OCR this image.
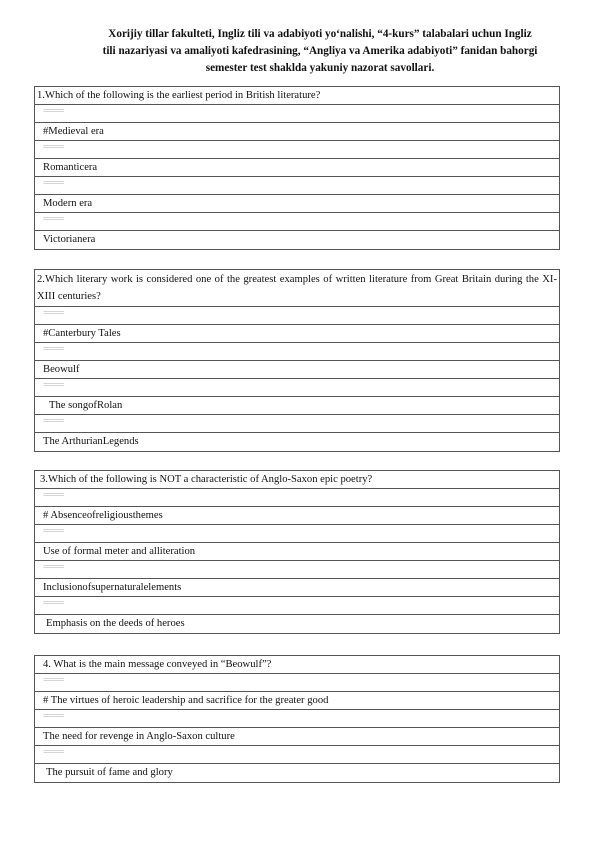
Xorijiy tillar fakulteti, Ingliz tili va adabiyoti yo‘nalishi, “4-kurs” talabalari uchun Ingliz
tili nazariyasi va amaliyoti kafedrasining, “Angliya va Amerika adabiyoti” fanidan bahorgi
semester test shaklda yakuniy nazorat savollari.
1.Which of the following is the earliest period in British literature?
=====
#Medieval era
=====
Romanticera
=====
Modern era
=====
Victorianera
2.Which literary work is considered one of the greatest examples of written literature from Great Britain during the XI-XIII centuries?
=====
#Canterbury Tales
=====
Beowulf
=====
The songofRolan
=====
The ArthurianLegends
3.Which of the following is NOT a characteristic of Anglo-Saxon epic poetry?
=====
# Absenceofreligiousthemes
=====
Use of formal meter and alliteration
=====
Inclusionofsupernaturalelements
=====
Emphasis on the deeds of heroes
4. What is the main message conveyed in “Beowulf”?
=====
# The virtues of heroic leadership and sacrifice for the greater good
=====
The need for revenge in Anglo-Saxon culture
=====
The pursuit of fame and glory
